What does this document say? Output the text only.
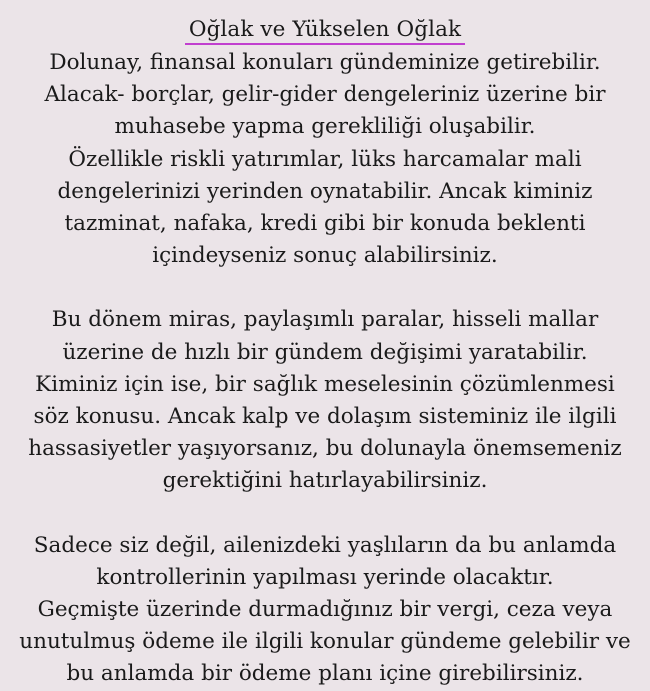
Oğlak ve Yükselen Oğlak

Dolunay, finansal konuları gündeminize getirebilir.
Alacak- borçlar, gelir-gider dengeleriniz üzerine bir
muhasebe yapma gerekliliği oluşabilir.
Özellikle riskli yatırımlar, lüks harcamalar mali
dengelerinizi yerinden oynatabilir. Ancak kiminiz
tazminat, nafaka, kredi gibi bir konuda beklenti
içindeyseniz sonuç alabilirsiniz.

Bu dönem miras, paylaşımlı paralar, hisseli mallar
üzerine de hızlı bir gündem değişimi yaratabilir.
Kiminiz için ise, bir sağlık meselesinin çözümlenmesi
söz konusu. Ancak kalp ve dolaşım sisteminiz ile ilgili
hassasiyetler yaşıyorsanız, bu dolunayla önemsemeniz
gerektiğini hatırlayabilirsiniz.

Sadece siz değil, ailenizdeki yaşlıların da bu anlamda
kontrollerinin yapılması yerinde olacaktır.
Geçmişte üzerinde durmadığınız bir vergi, ceza veya
unutulmuş ödeme ile ilgili konular gündeme gelebilir ve
bu anlamda bir ödeme planı içine girebilirsiniz.
